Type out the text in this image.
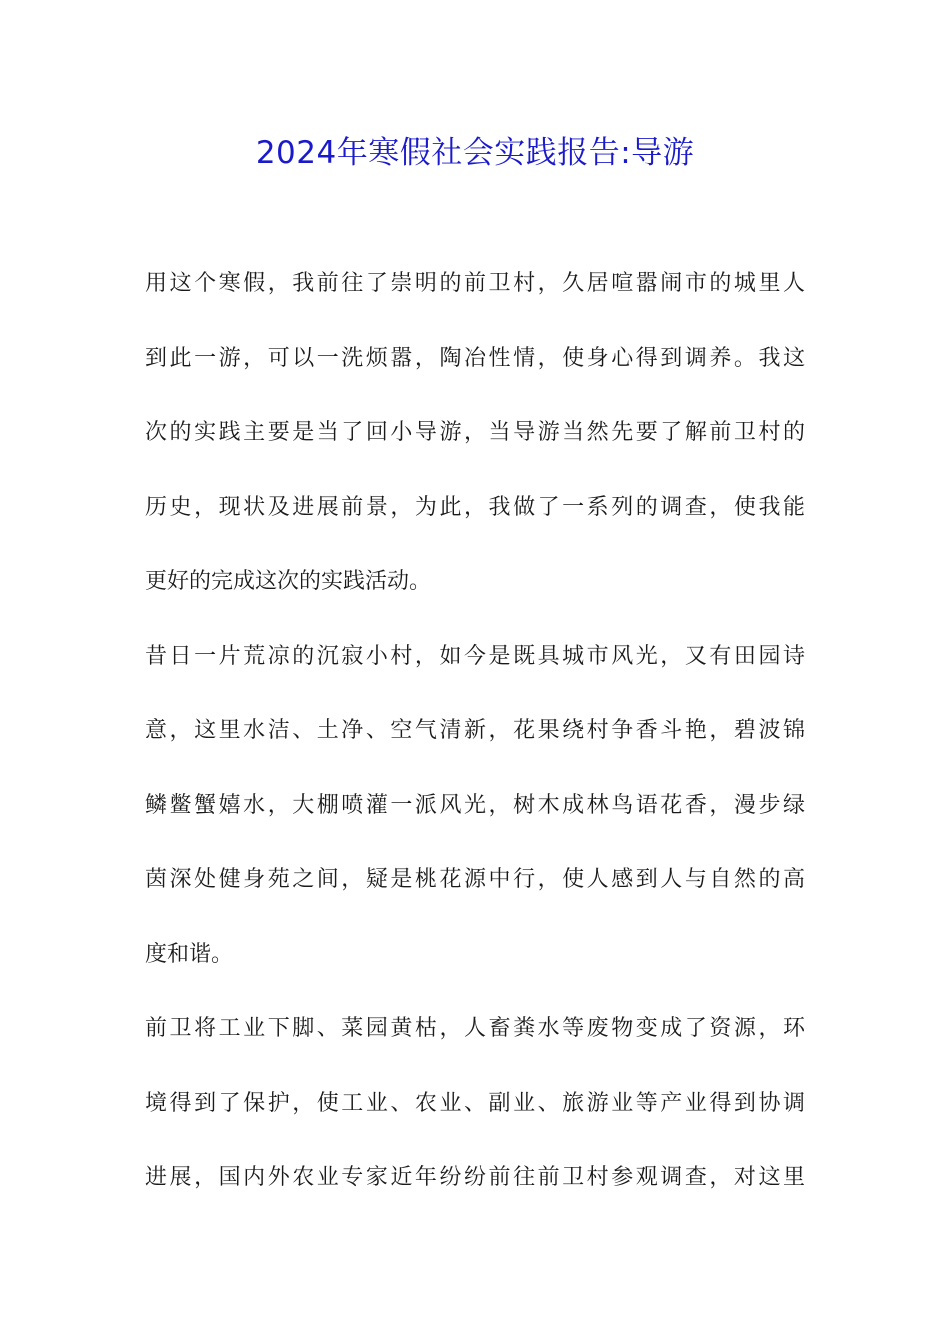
2024年寒假社会实践报告:导游
用这个寒假，我前往了崇明的前卫村，久居喧嚣闹市的城里人
到此一游，可以一洗烦嚣，陶冶性情，使身心得到调养。我这
次的实践主要是当了回小导游，当导游当然先要了解前卫村的
历史，现状及进展前景，为此，我做了一系列的调查，使我能
更好的完成这次的实践活动。
昔日一片荒凉的沉寂小村，如今是既具城市风光，又有田园诗
意，这里水洁、土净、空气清新，花果绕村争香斗艳，碧波锦
鳞鳖蟹嬉水，大棚喷灌一派风光，树木成林鸟语花香，漫步绿
茵深处健身苑之间，疑是桃花源中行，使人感到人与自然的高
度和谐。
前卫将工业下脚、菜园黄枯，人畜粪水等废物变成了资源，环
境得到了保护，使工业、农业、副业、旅游业等产业得到协调
进展，国内外农业专家近年纷纷前往前卫村参观调查，对这里
